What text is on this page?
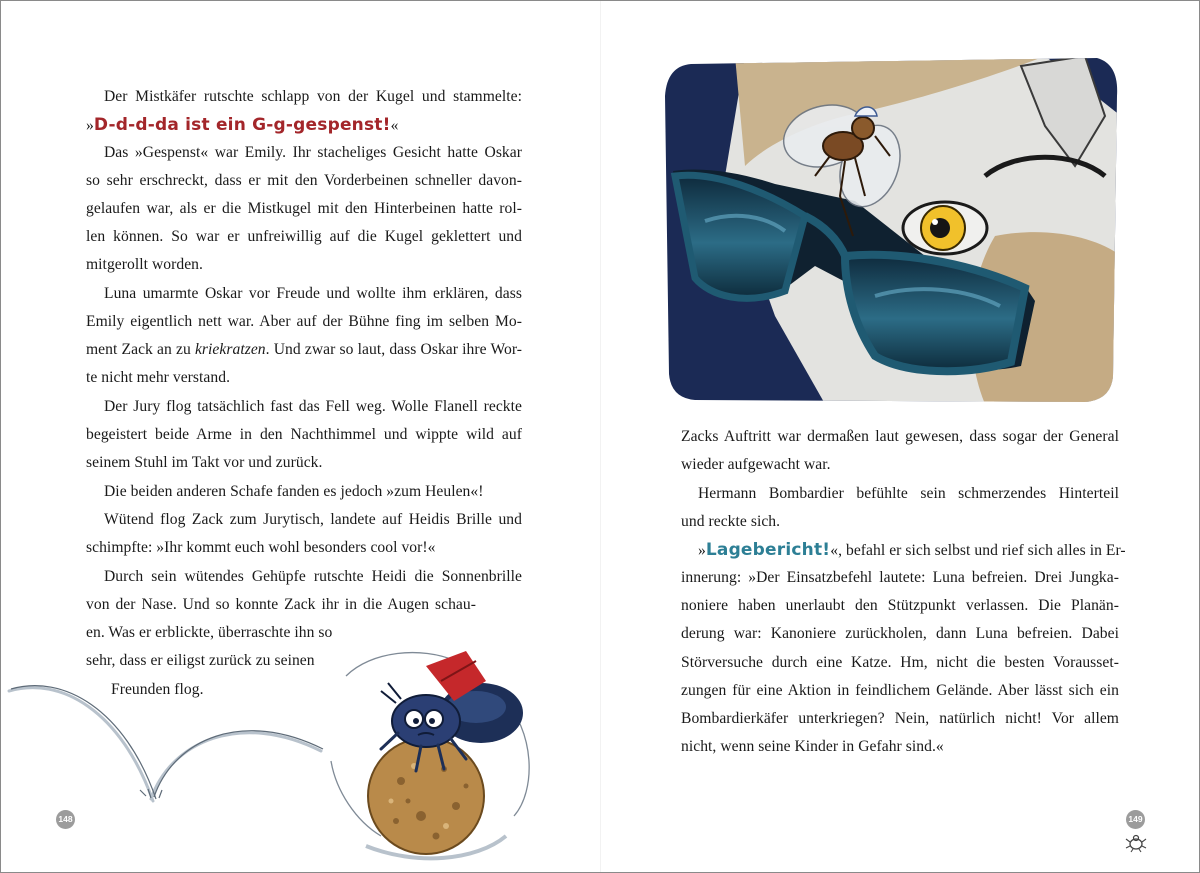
Der Mistkäfer rutschte schlapp von der Kugel und stammelte:
»D-d-d-da ist ein G-g-gespenst!«
Das »Gespenst« war Emily. Ihr stacheliges Gesicht hatte Oskar
so sehr erschreckt, dass er mit den Vorderbeinen schneller davon-
gelaufen war, als er die Mistkugel mit den Hinterbeinen hatte rol-
len können. So war er unfreiwillig auf die Kugel geklettert und
mitgerollt worden.
Luna umarmte Oskar vor Freude und wollte ihm erklären, dass
Emily eigentlich nett war. Aber auf der Bühne fing im selben Mo-
ment Zack an zu kriekratzen. Und zwar so laut, dass Oskar ihre Wor-
te nicht mehr verstand.
Der Jury flog tatsächlich fast das Fell weg. Wolle Flanell reckte
begeistert beide Arme in den Nachthimmel und wippte wild auf
seinem Stuhl im Takt vor und zurück.
Die beiden anderen Schafe fanden es jedoch »zum Heulen«!
Wütend flog Zack zum Jurytisch, landete auf Heidis Brille und
schimpfte: »Ihr kommt euch wohl besonders cool vor!«
Durch sein wütendes Gehüpfe rutschte Heidi die Sonnenbrille
von der Nase. Und so konnte Zack ihr in die Augen schau-
en. Was er erblickte, überraschte ihn so
sehr, dass er eiligst zurück zu seinen
Freunden flog.
148
Zacks Auftritt war dermaßen laut gewesen, dass sogar der General
wieder aufgewacht war.
Hermann Bombardier befühlte sein schmerzendes Hinterteil
und reckte sich.
»Lagebericht!«, befahl er sich selbst und rief sich alles in Er-
innerung: »Der Einsatzbefehl lautete: Luna befreien. Drei Jungka-
noniere haben unerlaubt den Stützpunkt verlassen. Die Planän-
derung war: Kanoniere zurückholen, dann Luna befreien. Dabei
Störversuche durch eine Katze. Hm, nicht die besten Vorausset-
zungen für eine Aktion in feindlichem Gelände. Aber lässt sich ein
Bombardierkäfer unterkriegen? Nein, natürlich nicht! Vor allem
nicht, wenn seine Kinder in Gefahr sind.«
149
